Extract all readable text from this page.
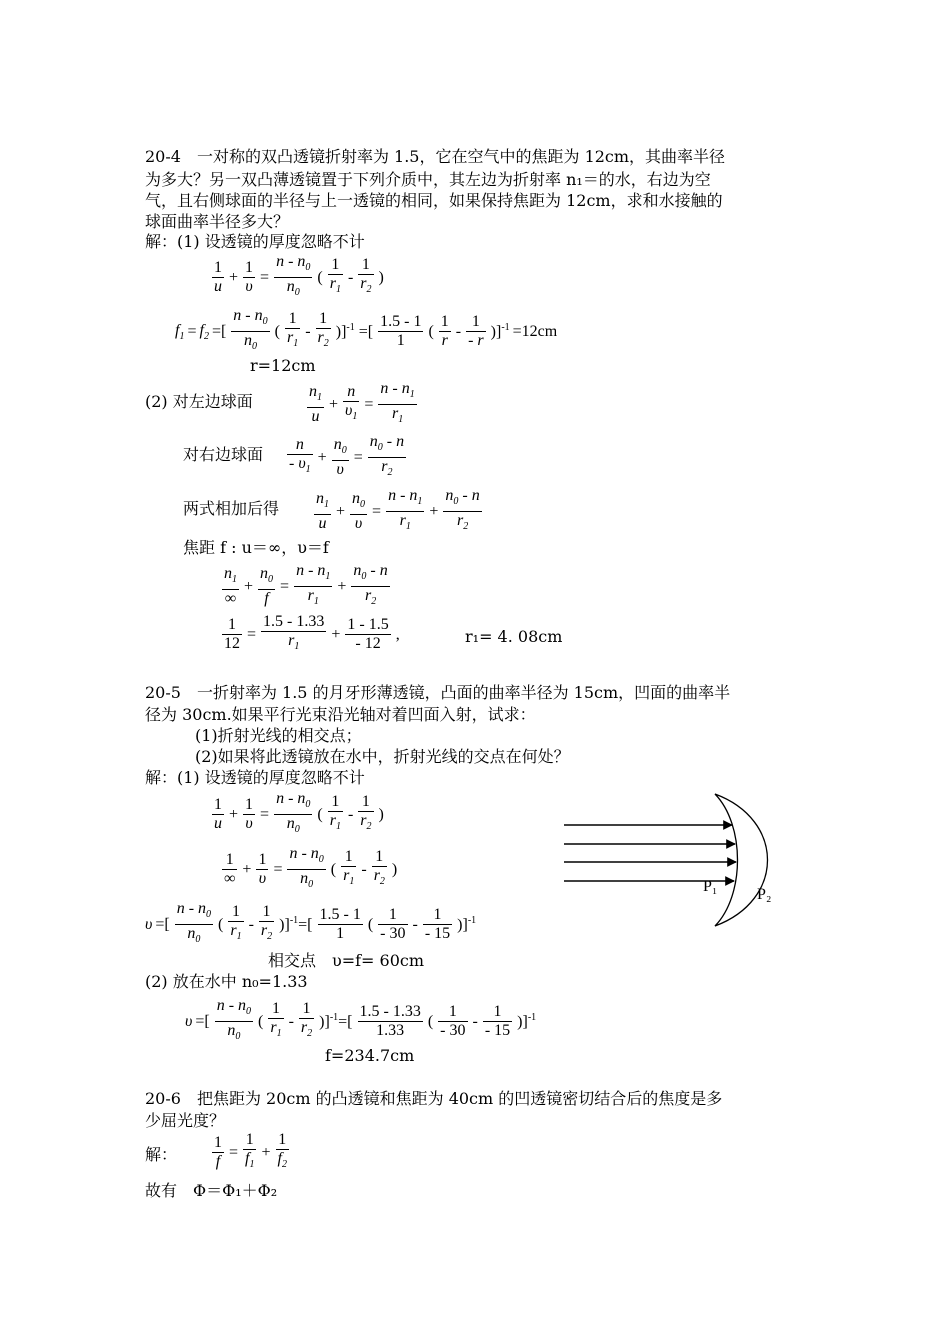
20-4　一对称的双凸透镜折射率为 1.5，它在空气中的焦距为 12cm，其曲率半径
为多大？另一双凸薄透镜置于下列介质中，其左边为折射率 n₁＝的水，右边为空
气，且右侧球面的半径与上一透镜的相同，如果保持焦距为 12cm，求和水接触的
球面曲率半径多大？
解：(1) 设透镜的厚度忽略不计
1
u
+
1
υ
=
n - $n_0$
$n_0$
(
1
$r_1$
-
1
$r_2$
)
$f_1 = f_2$ =[
n - $n_0$
$n_0$
(
1
$r_1$
-
1
$r_2$
)]$^{-1}$ =[
1.5 - 1
1
(
1
r
-
1
- r
)]$^{-1}$ =12cm
r=12cm
(2) 对左边球面
$n_1$
u
+
n
$\upsilon_1$
=
n - $n_1$
$r_1$
对右边球面
n
- $\upsilon_1$
+
$n_0$
υ
=
$n_0$ - n
$r_2$
两式相加后得
$n_1$
u
+
$n_0$
υ
=
n - $n_1$
$r_1$
+
$n_0$ - n
$r_2$
焦距 f : u＝∞，υ＝f
$n_1$
∞
+
$n_0$
f
=
n - $n_1$
$r_1$
+
$n_0$ - n
$r_2$
1
12
=
1.5 - 1.33
$r_1$
+
1 - 1.5
- 12
,	r₁= 4. 08cm
20-5　一折射率为 1.5 的月牙形薄透镜，凸面的曲率半径为 15cm，凹面的曲率半
径为 30cm.如果平行光束沿光轴对着凹面入射，试求：
(1)折射光线的相交点；
(2)如果将此透镜放在水中，折射光线的交点在何处？
解：(1) 设透镜的厚度忽略不计
1
u
+
1
υ
=
n - $n_0$
$n_0$
(
1
$r_1$
-
1
$r_2$
)
1
∞
+
1
υ
=
n - $n_0$
$n_0$
(
1
$r_1$
-
1
$r_2$
)
υ =[
n - $n_0$
$n_0$
(
1
$r_1$
-
1
$r_2$
)]$^{-1}$=[
1.5 - 1
1
(
1
- 30
-
1
- 15
)]$^{-1}$
相交点　υ=f= 60cm
(2) 放在水中 n₀=1.33
υ =[
n - $n_0$
$n_0$
(
1
$r_1$
-
1
$r_2$
)]$^{-1}$=[
1.5 - 1.33
1.33
(
1
- 30
-
1
- 15
)]$^{-1}$
f=234.7cm
P₁ P₂
20-6　把焦距为 20cm 的凸透镜和焦距为 40cm 的凹透镜密切结合后的焦度是多
少屈光度？
解：
1
f
=
1
$f_1$
+
1
$f_2$
故有　Φ＝Φ₁＋Φ₂
